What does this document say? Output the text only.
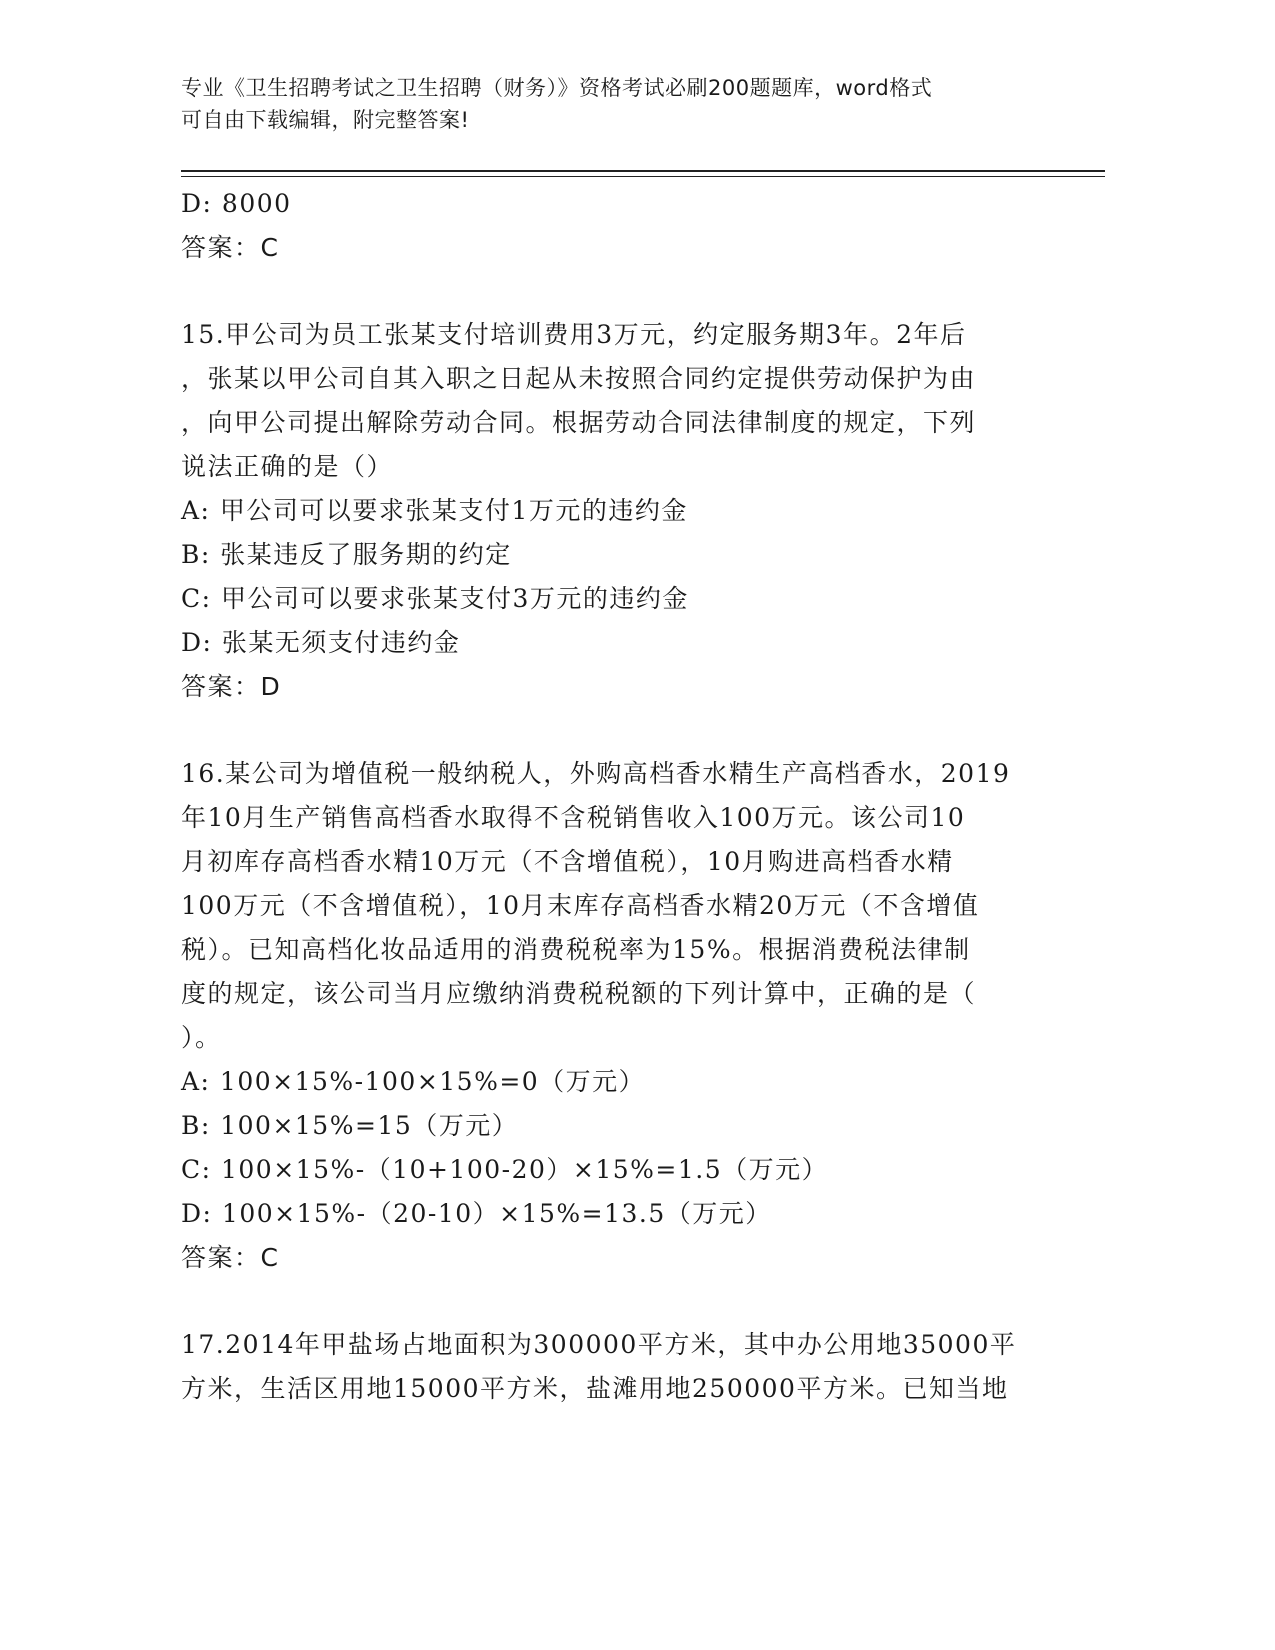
专业《卫生招聘考试之卫生招聘（财务）》资格考试必刷200题题库，word格式
可自由下载编辑，附完整答案!
D: 8000
答案：C
15.甲公司为员工张某支付培训费用3万元，约定服务期3年。2年后
，张某以甲公司自其入职之日起从未按照合同约定提供劳动保护为由
，向甲公司提出解除劳动合同。根据劳动合同法律制度的规定，下列
说法正确的是（）
A: 甲公司可以要求张某支付1万元的违约金
B: 张某违反了服务期的约定
C: 甲公司可以要求张某支付3万元的违约金
D: 张某无须支付违约金
答案：D
16.某公司为增值税一般纳税人，外购高档香水精生产高档香水，2019
年10月生产销售高档香水取得不含税销售收入100万元。该公司10
月初库存高档香水精10万元（不含增值税），10月购进高档香水精
100万元（不含增值税），10月末库存高档香水精20万元（不含增值
税）。已知高档化妆品适用的消费税税率为15%。根据消费税法律制
度的规定，该公司当月应缴纳消费税税额的下列计算中，正确的是（
）。
A: 100×15%-100×15%=0（万元）
B: 100×15%=15（万元）
C: 100×15%-（10+100-20）×15%=1.5（万元）
D: 100×15%-（20-10）×15%=13.5（万元）
答案：C
17.2014年甲盐场占地面积为300000平方米，其中办公用地35000平
方米，生活区用地15000平方米，盐滩用地250000平方米。已知当地
